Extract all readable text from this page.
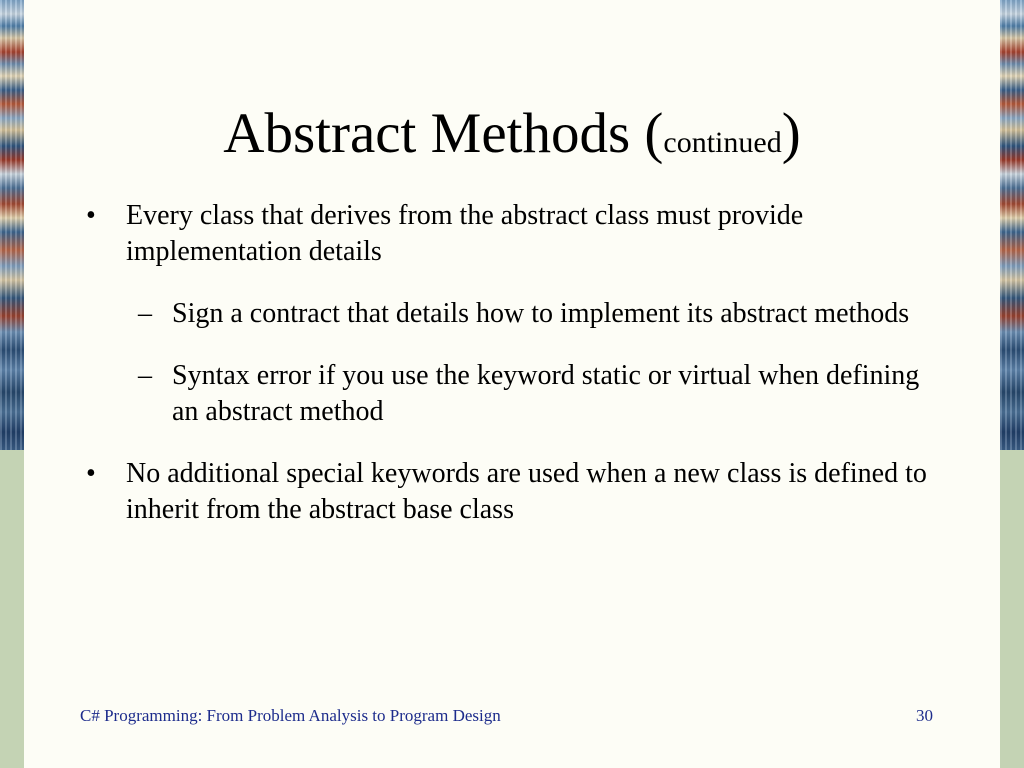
Abstract Methods (continued)

• Every class that derives from the abstract class must provide implementation details

– Sign a contract that details how to implement its abstract methods

– Syntax error if you use the keyword static or virtual when defining an abstract method

• No additional special keywords are used when a new class is defined to inherit from the abstract base class

C# Programming: From Problem Analysis to Program Design	30
